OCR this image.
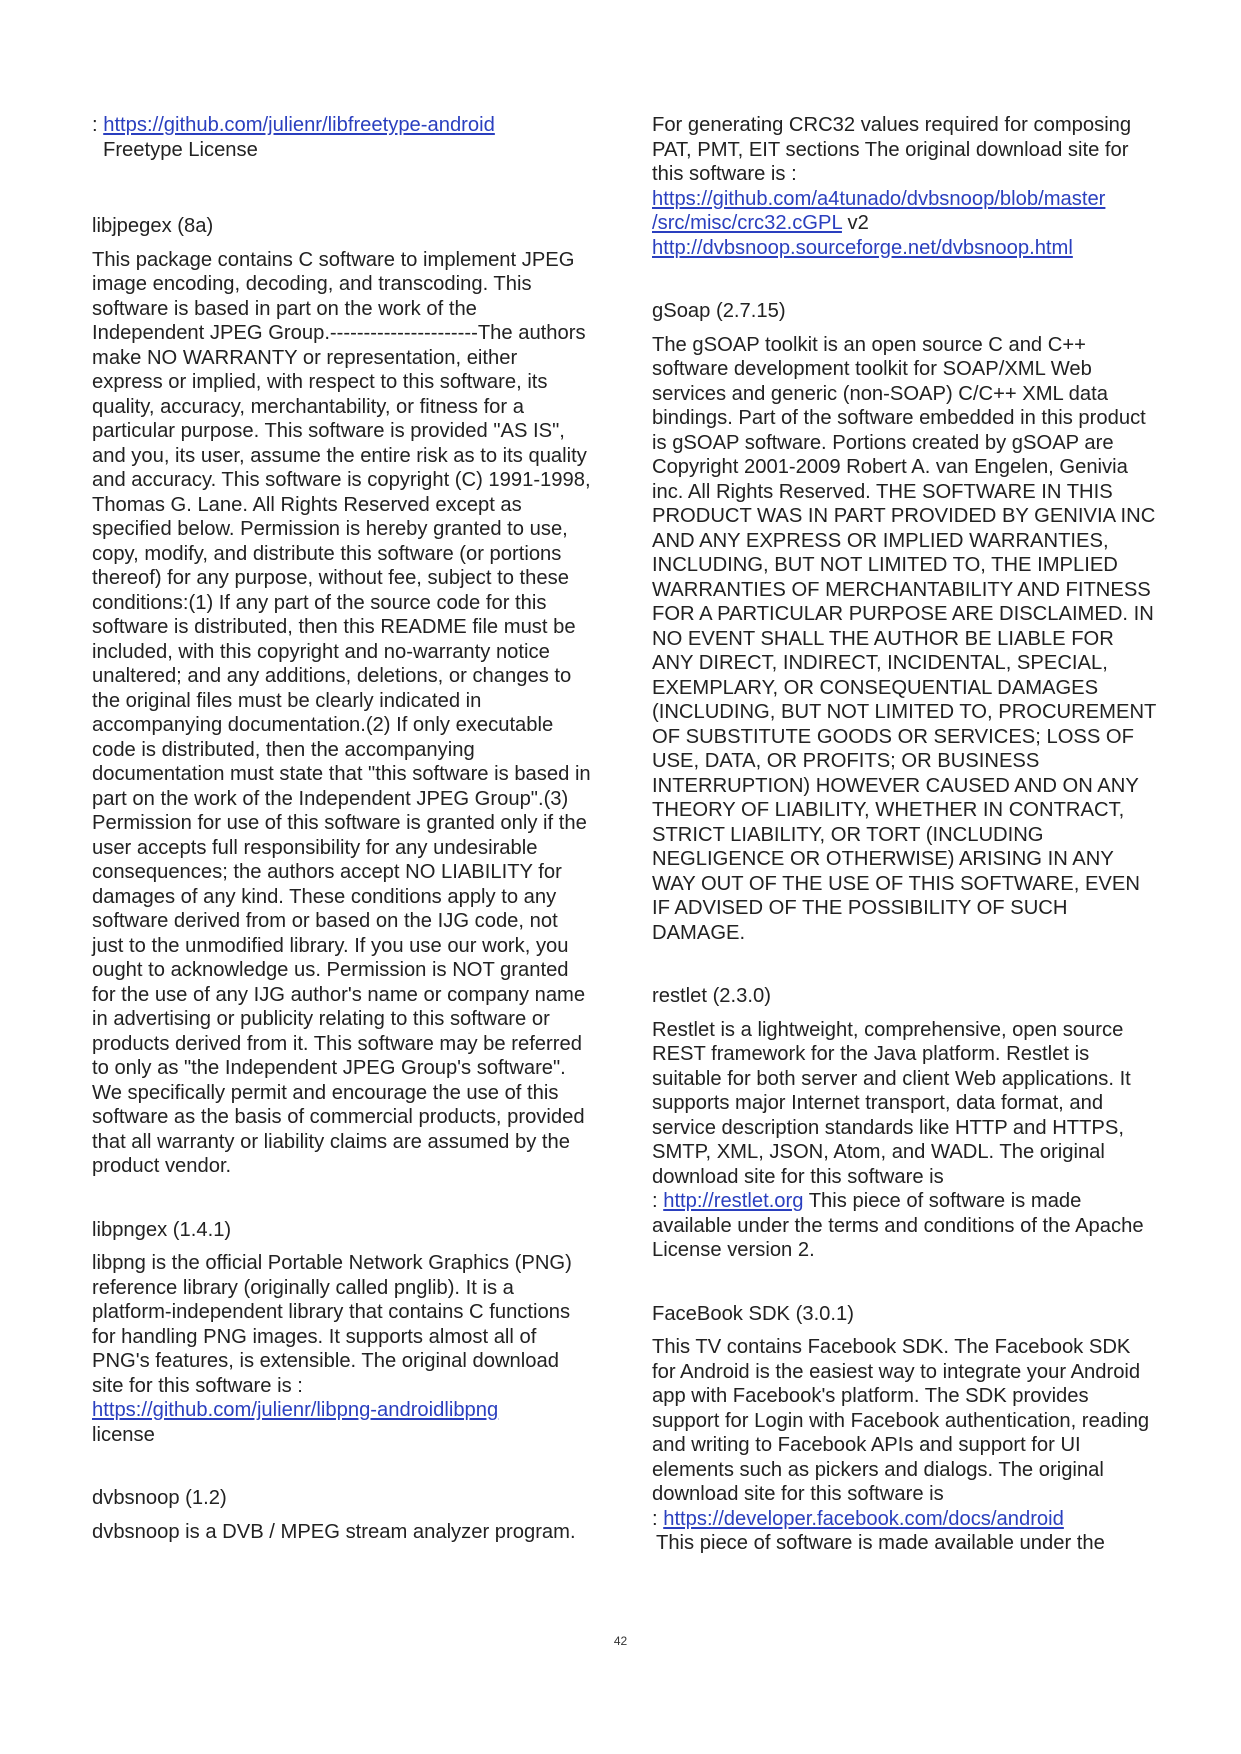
: https://github.com/julienr/libfreetype-android
Freetype License

libjpegex (8a)

This package contains C software to implement JPEG image encoding, decoding, and transcoding. This software is based in part on the work of the Independent JPEG Group.----------------------The authors make NO WARRANTY or representation, either express or implied, with respect to this software, its quality, accuracy, merchantability, or fitness for a particular purpose. This software is provided "AS IS", and you, its user, assume the entire risk as to its quality and accuracy. This software is copyright (C) 1991-1998, Thomas G. Lane. All Rights Reserved except as specified below. Permission is hereby granted to use, copy, modify, and distribute this software (or portions thereof) for any purpose, without fee, subject to these conditions:(1) If any part of the source code for this software is distributed, then this README file must be included, with this copyright and no-warranty notice unaltered; and any additions, deletions, or changes to the original files must be clearly indicated in accompanying documentation.(2) If only executable code is distributed, then the accompanying documentation must state that "this software is based in part on the work of the Independent JPEG Group".(3) Permission for use of this software is granted only if the user accepts full responsibility for any undesirable consequences; the authors accept NO LIABILITY for damages of any kind. These conditions apply to any software derived from or based on the IJG code, not just to the unmodified library. If you use our work, you ought to acknowledge us. Permission is NOT granted for the use of any IJG author's name or company name in advertising or publicity relating to this software or products derived from it. This software may be referred to only as "the Independent JPEG Group's software". We specifically permit and encourage the use of this software as the basis of commercial products, provided that all warranty or liability claims are assumed by the product vendor.

libpngex (1.4.1)

libpng is the official Portable Network Graphics (PNG) reference library (originally called pnglib). It is a platform-independent library that contains C functions for handling PNG images. It supports almost all of PNG's features, is extensible. The original download site for this software is :

https://github.com/julienr/libpng-androidlibpng
license

dvbsnoop (1.2)

dvbsnoop is a DVB / MPEG stream analyzer program.

For generating CRC32 values required for composing PAT, PMT, EIT sections The original download site for this software is :

https://github.com/a4tunado/dvbsnoop/blob/master
/src/misc/crc32.cGPL v2
http://dvbsnoop.sourceforge.net/dvbsnoop.html

gSoap (2.7.15)

The gSOAP toolkit is an open source C and C++ software development toolkit for SOAP/XML Web services and generic (non-SOAP) C/C++ XML data bindings. Part of the software embedded in this product is gSOAP software. Portions created by gSOAP are Copyright 2001-2009 Robert A. van Engelen, Genivia inc. All Rights Reserved. THE SOFTWARE IN THIS PRODUCT WAS IN PART PROVIDED BY GENIVIA INC AND ANY EXPRESS OR IMPLIED WARRANTIES, INCLUDING, BUT NOT LIMITED TO, THE IMPLIED WARRANTIES OF MERCHANTABILITY AND FITNESS FOR A PARTICULAR PURPOSE ARE DISCLAIMED. IN NO EVENT SHALL THE AUTHOR BE LIABLE FOR ANY DIRECT, INDIRECT, INCIDENTAL, SPECIAL, EXEMPLARY, OR CONSEQUENTIAL DAMAGES (INCLUDING, BUT NOT LIMITED TO, PROCUREMENT OF SUBSTITUTE GOODS OR SERVICES; LOSS OF USE, DATA, OR PROFITS; OR BUSINESS INTERRUPTION) HOWEVER CAUSED AND ON ANY THEORY OF LIABILITY, WHETHER IN CONTRACT, STRICT LIABILITY, OR TORT (INCLUDING NEGLIGENCE OR OTHERWISE) ARISING IN ANY WAY OUT OF THE USE OF THIS SOFTWARE, EVEN IF ADVISED OF THE POSSIBILITY OF SUCH DAMAGE.

restlet (2.3.0)

Restlet is a lightweight, comprehensive, open source REST framework for the Java platform. Restlet is suitable for both server and client Web applications. It supports major Internet transport, data format, and service description standards like HTTP and HTTPS, SMTP, XML, JSON, Atom, and WADL. The original download site for this software is

: http://restlet.org This piece of software is made available under the terms and conditions of the Apache License version 2.

FaceBook SDK (3.0.1)

This TV contains Facebook SDK. The Facebook SDK for Android is the easiest way to integrate your Android app with Facebook's platform. The SDK provides support for Login with Facebook authentication, reading and writing to Facebook APIs and support for UI elements such as pickers and dialogs. The original download site for this software is

: https://developer.facebook.com/docs/android
This piece of software is made available under the
42
